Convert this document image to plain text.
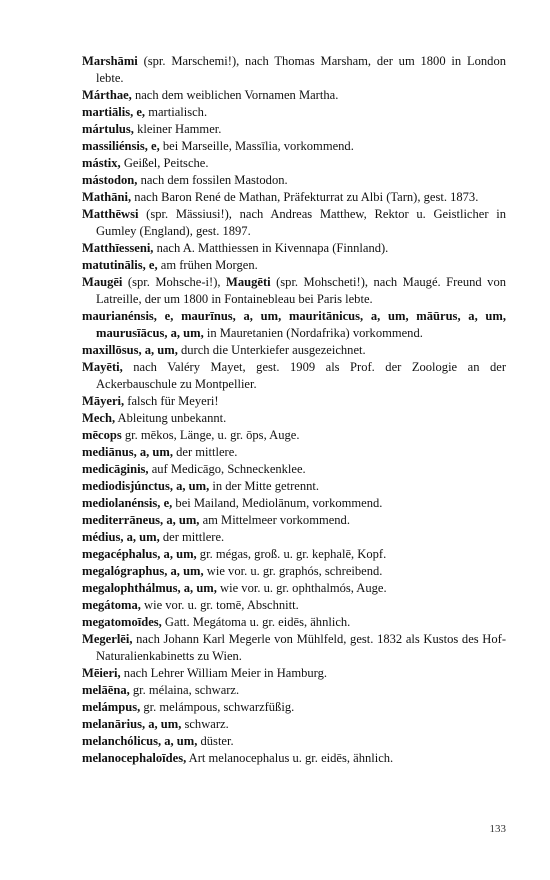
Marshāmi (spr. Marschemi!), nach Thomas Marsham, der um 1800 in London lebte.

Márthae, nach dem weiblichen Vornamen Martha.

martiālis, e, martialisch.

mártulus, kleiner Hammer.

massiliénsis, e, bei Marseille, Massīlia, vorkommend.

mástix, Geißel, Peitsche.

mástodon, nach dem fossilen Mastodon.

Mathāni, nach Baron René de Mathan, Präfekturrat zu Albi (Tarn), gest. 1873.

Matthēwsi (spr. Mässiusi!), nach Andreas Matthew, Rektor u. Geistlicher in Gumley (England), gest. 1897.

Matthīesseni, nach A. Matthiessen in Kivennapa (Finnland).

matutinālis, e, am frühen Morgen.

Maugēi (spr. Mohsche-i!), Maugēti (spr. Mohscheti!), nach Maugé. Freund von Latreille, der um 1800 in Fontainebleau bei Paris lebte.

maurianénsis, e, maurīnus, a, um, mauritānicus, a, um, māūrus, a, um, maurusīācus, a, um, in Mauretanien (Nordafrika) vorkommend.

maxillōsus, a, um, durch die Unterkiefer ausgezeichnet.

Mayēti, nach Valéry Mayet, gest. 1909 als Prof. der Zoologie an der Ackerbauschule zu Montpellier.

Māyeri, falsch für Meyeri!

Mech, Ableitung unbekannt.

mēcops gr. mēkos, Länge, u. gr. ōps, Auge.

mediānus, a, um, der mittlere.

medicāginis, auf Medicāgo, Schneckenklee.

mediodisjúnctus, a, um, in der Mitte getrennt.

mediolanénsis, e, bei Mailand, Mediolānum, vorkommend.

mediterrāneus, a, um, am Mittelmeer vorkommend.

médius, a, um, der mittlere.

megacéphalus, a, um, gr. mégas, groß. u. gr. kephalē, Kopf.

megalógraphus, a, um, wie vor. u. gr. graphós, schreibend.

megalophthálmus, a, um, wie vor. u. gr. ophthalmós, Auge.

megátoma, wie vor. u. gr. tomē, Abschnitt.

megatomoīdes, Gatt. Megátoma u. gr. eidēs, ähnlich.

Megerlēi, nach Johann Karl Megerle von Mühlfeld, gest. 1832 als Kustos des Hof-Naturalienkabinetts zu Wien.

Mēieri, nach Lehrer William Meier in Hamburg.

melāēna, gr. mélaina, schwarz.

melámpus, gr. melámpous, schwarzfüßig.

melanārius, a, um, schwarz.

melanchólicus, a, um, düster.

melanocephaloīdes, Art melanocephalus u. gr. eidēs, ähnlich.

133
